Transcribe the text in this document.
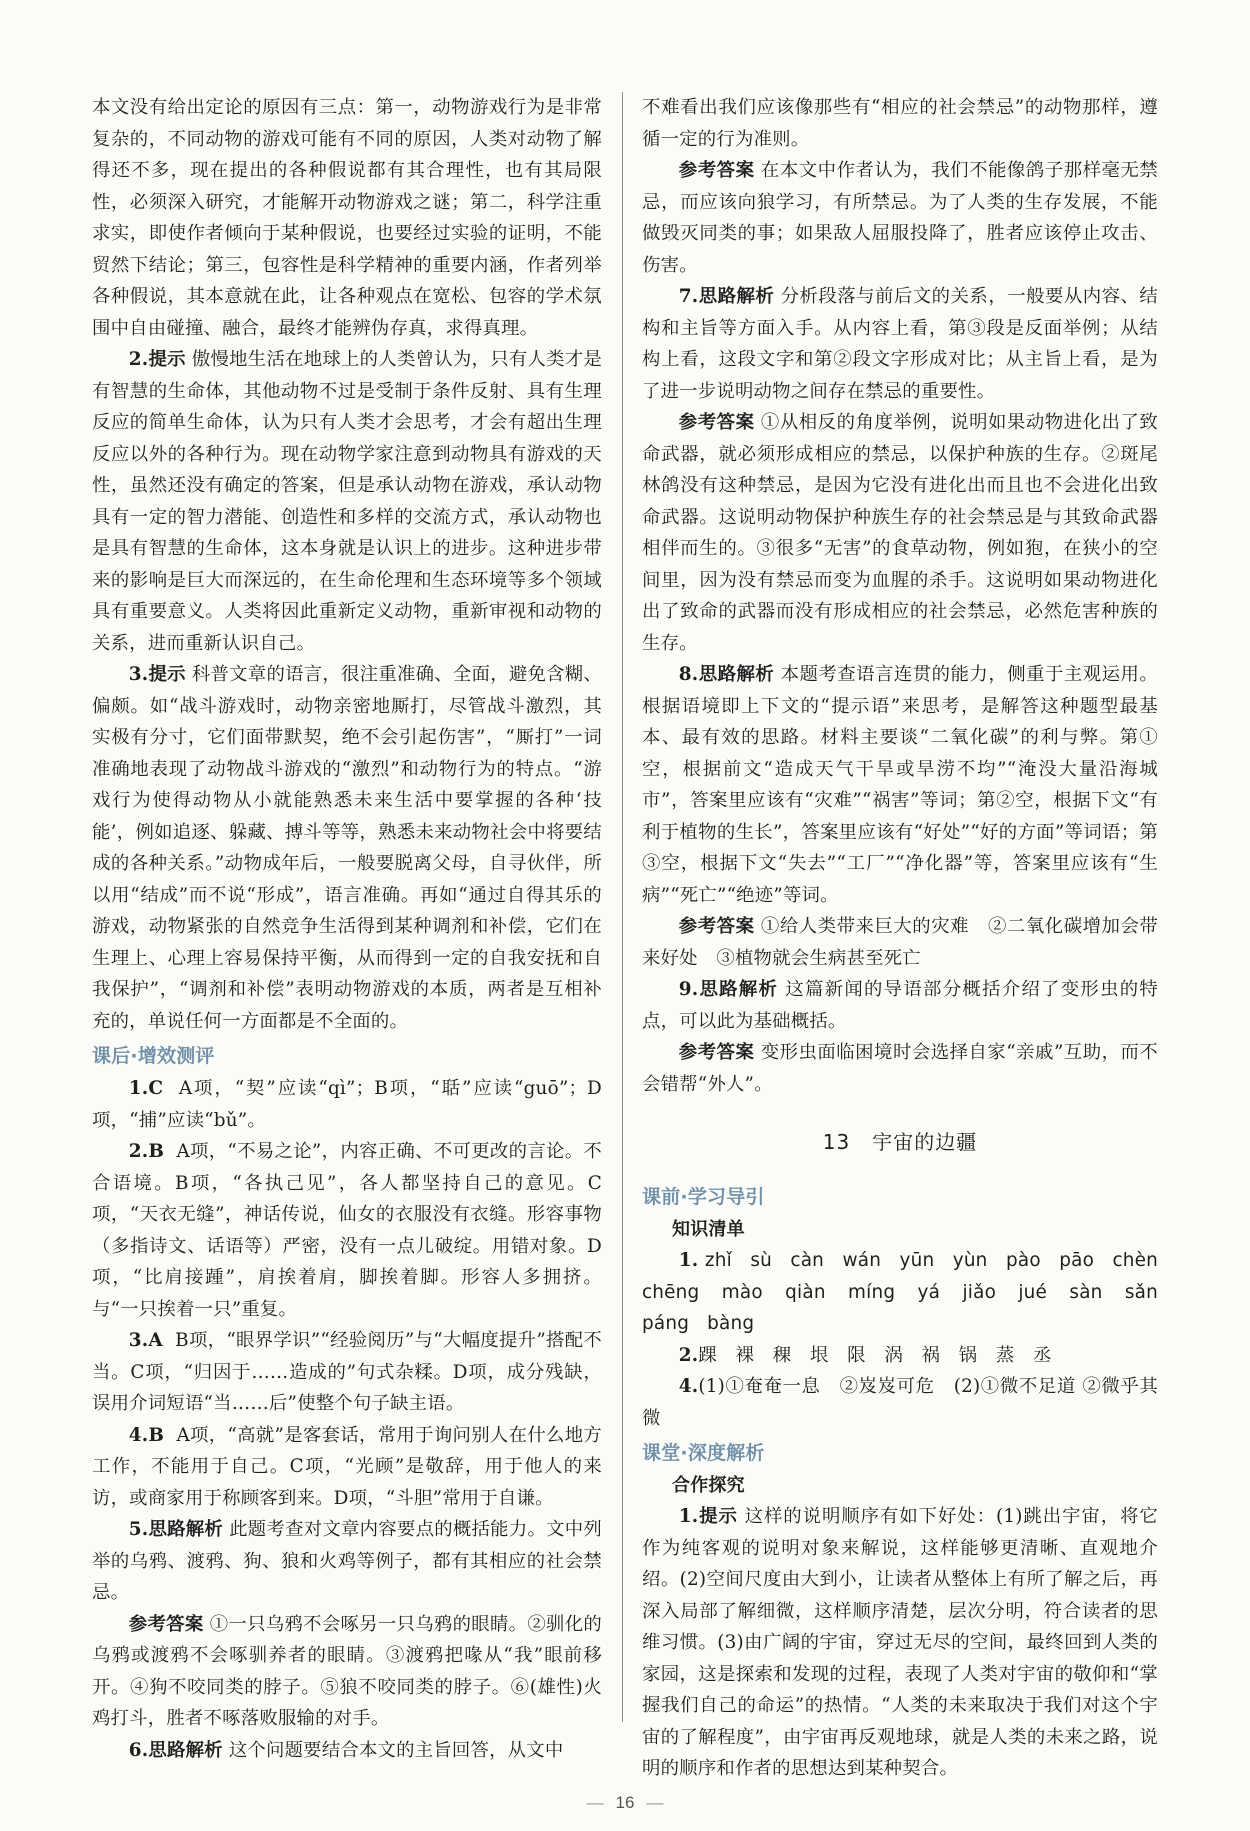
本文没有给出定论的原因有三点：第一，动物游戏行为是非常复杂的，不同动物的游戏可能有不同的原因，人类对动物了解得还不多，现在提出的各种假说都有其合理性，也有其局限性，必须深入研究，才能解开动物游戏之谜；第二，科学注重求实，即使作者倾向于某种假说，也要经过实验的证明，不能贸然下结论；第三，包容性是科学精神的重要内涵，作者列举各种假说，其本意就在此，让各种观点在宽松、包容的学术氛围中自由碰撞、融合，最终才能辨伪存真，求得真理。

2.提示 傲慢地生活在地球上的人类曾认为，只有人类才是有智慧的生命体，其他动物不过是受制于条件反射、具有生理反应的简单生命体，认为只有人类才会思考，才会有超出生理反应以外的各种行为。现在动物学家注意到动物具有游戏的天性，虽然还没有确定的答案，但是承认动物在游戏，承认动物具有一定的智力潜能、创造性和多样的交流方式，承认动物也是具有智慧的生命体，这本身就是认识上的进步。这种进步带来的影响是巨大而深远的，在生命伦理和生态环境等多个领域具有重要意义。人类将因此重新定义动物，重新审视和动物的关系，进而重新认识自己。

3.提示 科普文章的语言，很注重准确、全面，避免含糊、偏颇。如“战斗游戏时，动物亲密地厮打，尽管战斗激烈，其实极有分寸，它们面带默契，绝不会引起伤害”，“厮打”一词准确地表现了动物战斗游戏的“激烈”和动物行为的特点。“游戏行为使得动物从小就能熟悉未来生活中要掌握的各种‘技能’，例如追逐、躲藏、搏斗等等，熟悉未来动物社会中将要结成的各种关系。”动物成年后，一般要脱离父母，自寻伙伴，所以用“结成”而不说“形成”，语言准确。再如“通过自得其乐的游戏，动物紧张的自然竞争生活得到某种调剂和补偿，它们在生理上、心理上容易保持平衡，从而得到一定的自我安抚和自我保护”，“调剂和补偿”表明动物游戏的本质，两者是互相补充的，单说任何一方面都是不全面的。

课后·增效测评

1.C A项，“契”应读“qì”；B项，“聒”应读“guō”；D项，“捕”应读“bǔ”。

2.B A项，“不易之论”，内容正确、不可更改的言论。不合语境。B项，“各执己见”，各人都坚持自己的意见。C项，“天衣无缝”，神话传说，仙女的衣服没有衣缝。形容事物（多指诗文、话语等）严密，没有一点儿破绽。用错对象。D项，“比肩接踵”，肩挨着肩，脚挨着脚。形容人多拥挤。与“一只挨着一只”重复。

3.A B项，“眼界学识”“经验阅历”与“大幅度提升”搭配不当。C项，“归因于……造成的”句式杂糅。D项，成分残缺，误用介词短语“当……后”使整个句子缺主语。

4.B A项，“高就”是客套话，常用于询问别人在什么地方工作，不能用于自己。C项，“光顾”是敬辞，用于他人的来访，或商家用于称顾客到来。D项，“斗胆”常用于自谦。

5.思路解析 此题考查对文章内容要点的概括能力。文中列举的乌鸦、渡鸦、狗、狼和火鸡等例子，都有其相应的社会禁忌。

参考答案 ①一只乌鸦不会啄另一只乌鸦的眼睛。②驯化的乌鸦或渡鸦不会啄驯养者的眼睛。③渡鸦把喙从“我”眼前移开。④狗不咬同类的脖子。⑤狼不咬同类的脖子。⑥(雄性)火鸡打斗，胜者不啄落败服输的对手。

6.思路解析 这个问题要结合本文的主旨回答，从文中

不难看出我们应该像那些有“相应的社会禁忌”的动物那样，遵循一定的行为准则。

参考答案 在本文中作者认为，我们不能像鸽子那样毫无禁忌，而应该向狼学习，有所禁忌。为了人类的生存发展，不能做毁灭同类的事；如果敌人屈服投降了，胜者应该停止攻击、伤害。

7.思路解析 分析段落与前后文的关系，一般要从内容、结构和主旨等方面入手。从内容上看，第③段是反面举例；从结构上看，这段文字和第②段文字形成对比；从主旨上看，是为了进一步说明动物之间存在禁忌的重要性。

参考答案 ①从相反的角度举例，说明如果动物进化出了致命武器，就必须形成相应的禁忌，以保护种族的生存。②斑尾林鸽没有这种禁忌，是因为它没有进化出而且也不会进化出致命武器。这说明动物保护种族生存的社会禁忌是与其致命武器相伴而生的。③很多“无害”的食草动物，例如狍，在狭小的空间里，因为没有禁忌而变为血腥的杀手。这说明如果动物进化出了致命的武器而没有形成相应的社会禁忌，必然危害种族的生存。

8.思路解析 本题考查语言连贯的能力，侧重于主观运用。根据语境即上下文的“提示语”来思考，是解答这种题型最基本、最有效的思路。材料主要谈“二氧化碳”的利与弊。第①空，根据前文“造成天气干旱或旱涝不均”“淹没大量沿海城市”，答案里应该有“灾难”“祸害”等词；第②空，根据下文“有利于植物的生长”，答案里应该有“好处”“好的方面”等词语；第③空，根据下文“失去”“工厂”“净化器”等，答案里应该有“生病”“死亡”“绝迹”等词。

参考答案 ①给人类带来巨大的灾难　②二氧化碳增加会带来好处　③植物就会生病甚至死亡

9.思路解析 这篇新闻的导语部分概括介绍了变形虫的特点，可以此为基础概括。

参考答案 变形虫面临困境时会选择自家“亲戚”互助，而不会错帮“外人”。

13 宇宙的边疆
课前·学习导引
知识清单

1. zhǐ sù càn wán yūn yùn pào pāo chèn chēng mào qiàn míng yá jiǎo jué sàn sǎn páng bàng

2.踝　裸　稞　垠　限　涡　祸　锅　蒸　丞

4.(1)①奄奄一息　②岌岌可危　(2)①微不足道 ②微乎其微

课堂·深度解析
合作探究

1.提示 这样的说明顺序有如下好处：(1)跳出宇宙，将它作为纯客观的说明对象来解说，这样能够更清晰、直观地介绍。(2)空间尺度由大到小，让读者从整体上有所了解之后，再深入局部了解细微，这样顺序清楚，层次分明，符合读者的思维习惯。(3)由广阔的宇宙，穿过无尽的空间，最终回到人类的家园，这是探索和发现的过程，表现了人类对宇宙的敬仰和“掌握我们自己的命运”的热情。“人类的未来取决于我们对这个宇宙的了解程度”，由宇宙再反观地球，就是人类的未来之路，说明的顺序和作者的思想达到某种契合。

— 16 —
